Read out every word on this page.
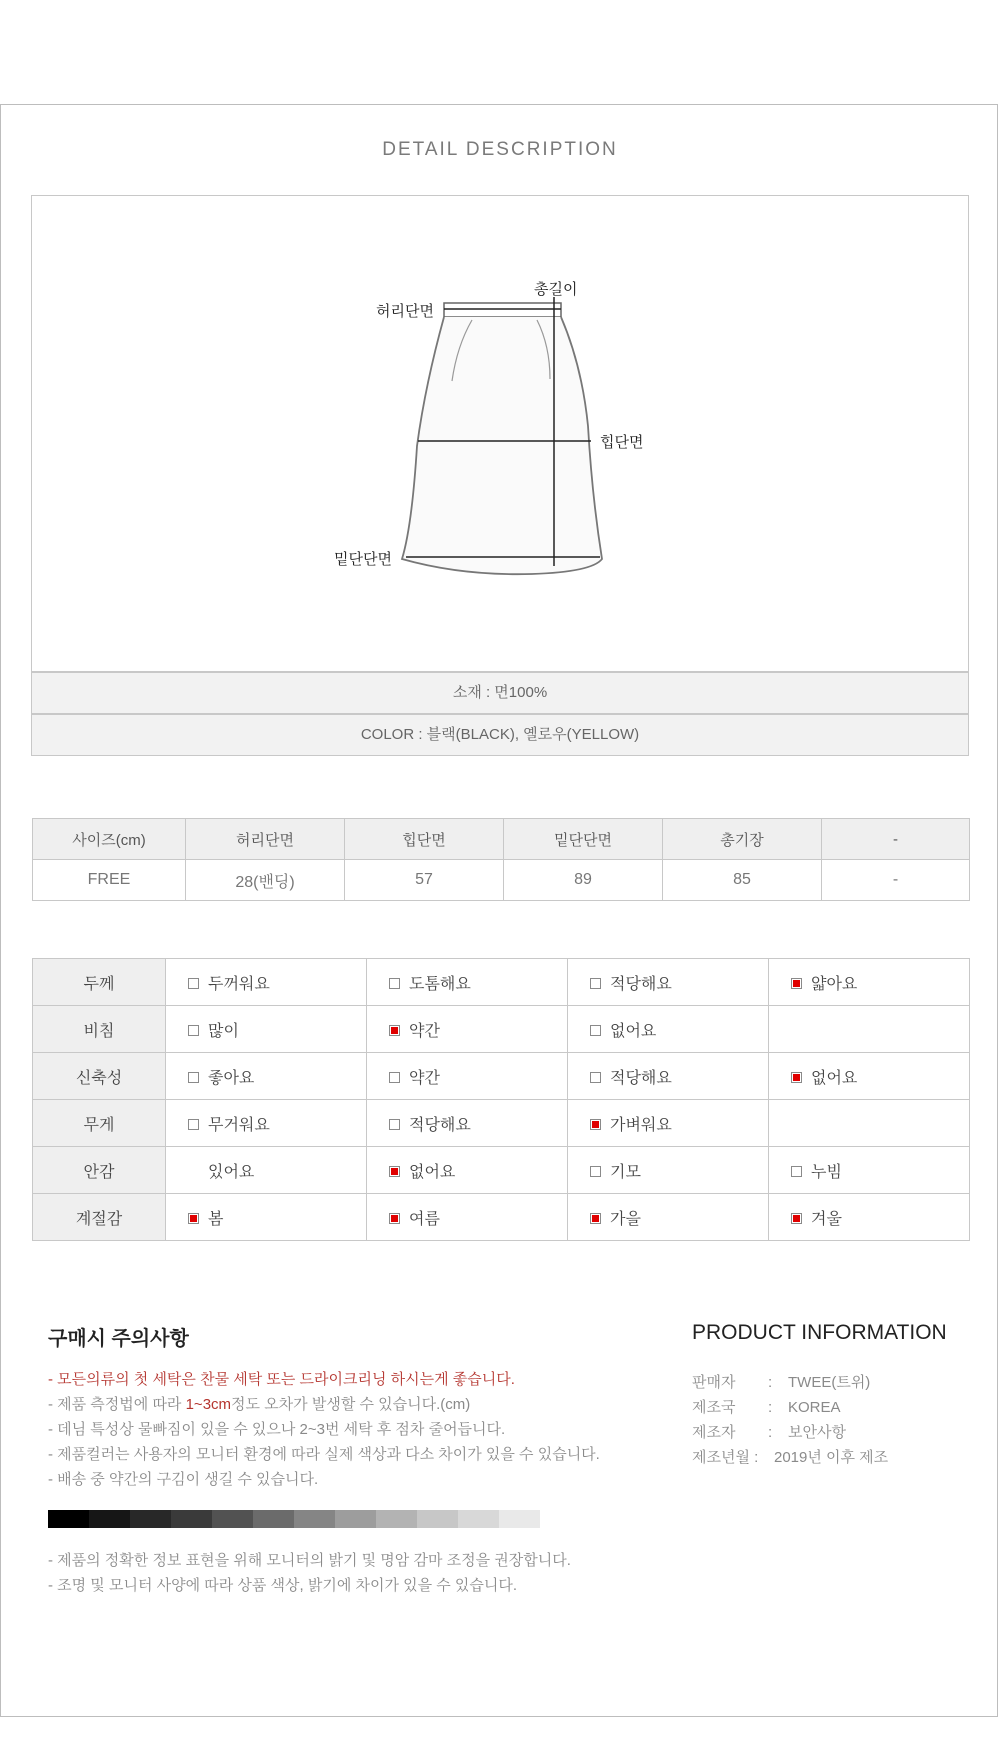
DETAIL DESCRIPTION
총길이
허리단면
힙단면
밑단단면
소재 : 면100%
COLOR : 블랙(BLACK), 옐로우(YELLOW)
사이즈(cm)	허리단면	힙단면	밑단단면	총기장	-
FREE	28(밴딩)	57	89	85	-
두께	두꺼워요	도톰해요	적당해요	얇아요
비침	많이	약간	없어요	
신축성	좋아요	약간	적당해요	없어요
무게	무거워요	적당해요	가벼워요	
안감	있어요	없어요	기모	누빔
계절감	봄	여름	가을	겨울
구매시 주의사항
- 모든의류의 첫 세탁은 찬물 세탁 또는 드라이크리닝 하시는게 좋습니다.
- 제품 측정법에 따라 1~3cm정도 오차가 발생할 수 있습니다.(cm)
- 데님 특성상 물빠짐이 있을 수 있으나 2~3번 세탁 후 점차 줄어듭니다.
- 제품컬러는 사용자의 모니터 환경에 따라 실제 색상과 다소 차이가 있을 수 있습니다.
- 배송 중 약간의 구김이 생길 수 있습니다.
- 제품의 정확한 정보 표현을 위해 모니터의 밝기 및 명암 감마 조정을 권장합니다.
- 조명 및 모니터 사양에 따라 상품 색상, 밝기에 차이가 있을 수 있습니다.
PRODUCT INFORMATION
판매자 : TWEE(트위)
제조국 : KOREA
제조자 : 보안사항
제조년월 : 2019년 이후 제조
